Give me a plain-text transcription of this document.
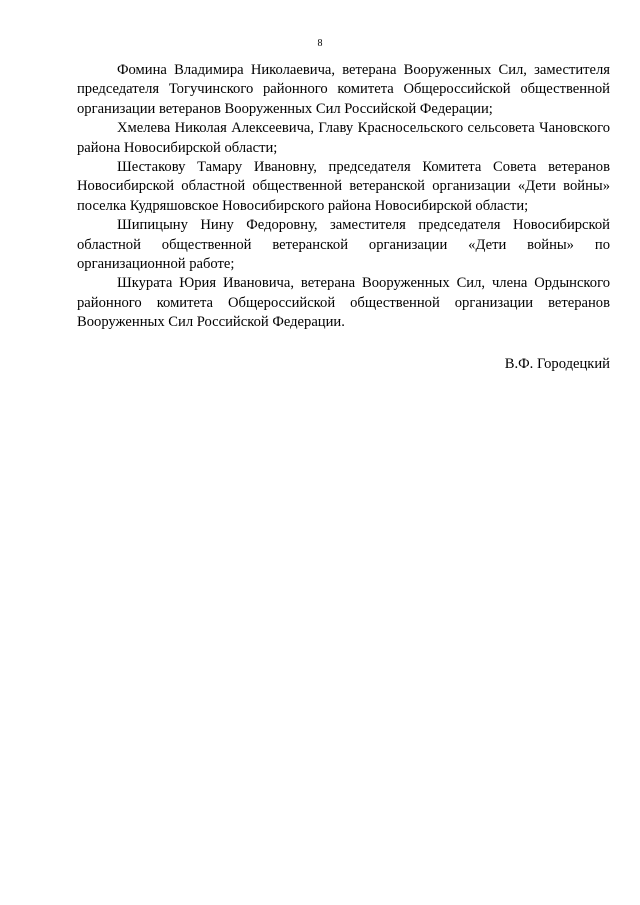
8

Фомина Владимира Николаевича, ветерана Вооруженных Сил, заместителя председателя Тогучинского районного комитета Общероссийской общественной организации ветеранов Вооруженных Сил Российской Федерации;

Хмелева Николая Алексеевича, Главу Красносельского сельсовета Чановского района Новосибирской области;

Шестакову Тамару Ивановну, председателя Комитета Совета ветеранов Новосибирской областной общественной ветеранской организации «Дети войны» поселка Кудряшовское Новосибирского района Новосибирской области;

Шипицыну Нину Федоровну, заместителя председателя Новосибирской областной общественной ветеранской организации «Дети войны» по организационной работе;

Шкурата Юрия Ивановича, ветерана Вооруженных Сил, члена Ордынского районного комитета Общероссийской общественной организации ветеранов Вооруженных Сил Российской Федерации.

В.Ф. Городецкий
